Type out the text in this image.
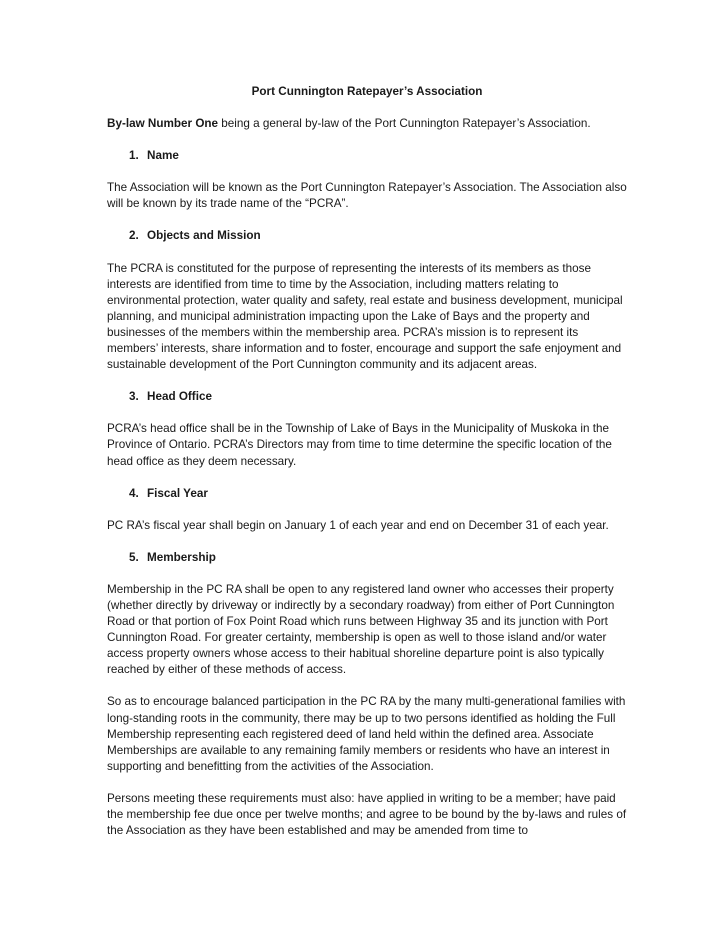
Port Cunnington Ratepayer’s Association

By-law Number One being a general by-law of the Port Cunnington Ratepayer’s Association.

1. Name

The Association will be known as the Port Cunnington Ratepayer’s Association. The Association also will be known by its trade name of the “PCRA”.

2. Objects and Mission

The PCRA is constituted for the purpose of representing the interests of its members as those interests are identified from time to time by the Association, including matters relating to environmental protection, water quality and safety, real estate and business development, municipal planning, and municipal administration impacting upon the Lake of Bays and the property and businesses of the members within the membership area. PCRA’s mission is to represent its members’ interests, share information and to foster, encourage and support the safe enjoyment and sustainable development of the Port Cunnington community and its adjacent areas.

3. Head Office

PCRA’s head office shall be in the Township of Lake of Bays in the Municipality of Muskoka in the Province of Ontario. PCRA’s Directors may from time to time determine the specific location of the head office as they deem necessary.

4. Fiscal Year

PC RA’s fiscal year shall begin on January 1 of each year and end on December 31 of each year.

5. Membership

Membership in the PC RA shall be open to any registered land owner who accesses their property (whether directly by driveway or indirectly by a secondary roadway) from either of Port Cunnington Road or that portion of Fox Point Road which runs between Highway 35 and its junction with Port Cunnington Road. For greater certainty, membership is open as well to those island and/or water access property owners whose access to their habitual shoreline departure point is also typically reached by either of these methods of access.

So as to encourage balanced participation in the PC RA by the many multi-generational families with long-standing roots in the community, there may be up to two persons identified as holding the Full Membership representing each registered deed of land held within the defined area. Associate Memberships are available to any remaining family members or residents who have an interest in supporting and benefitting from the activities of the Association.

Persons meeting these requirements must also: have applied in writing to be a member; have paid the membership fee due once per twelve months; and agree to be bound by the by-laws and rules of the Association as they have been established and may be amended from time to
